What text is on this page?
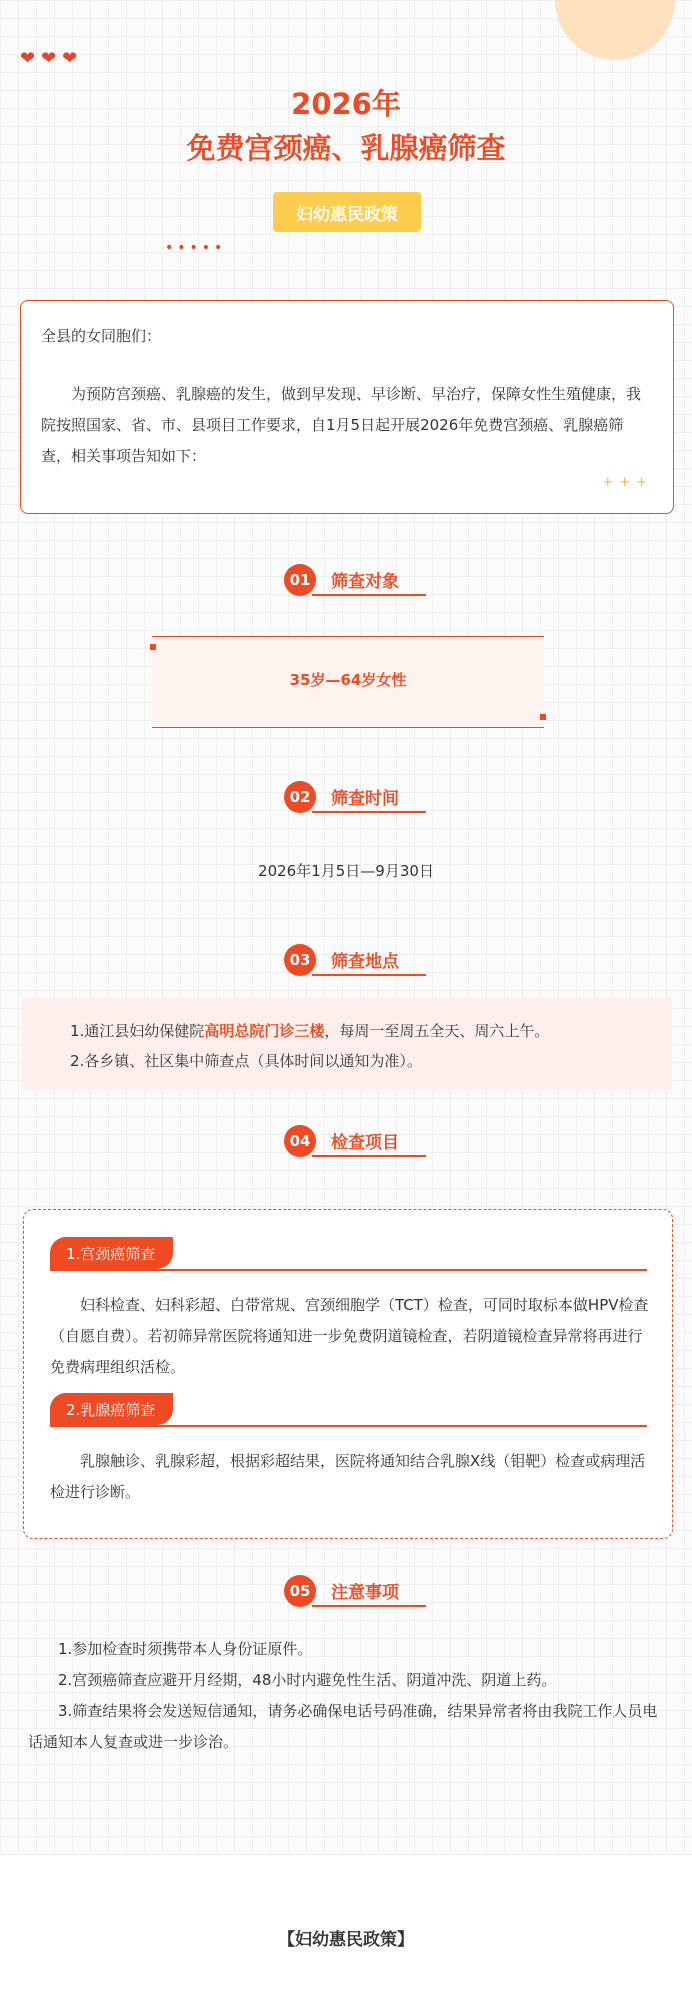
❤❤❤
2026年
免费宫颈癌、乳腺癌筛查
妇幼惠民政策
•••••
全县的女同胞们：
为预防宫颈癌、乳腺癌的发生，做到早发现、早诊断、早治疗，保障女性生殖健康，我院按照国家、省、市、县项目工作要求，自1月5日起开展2026年免费宫颈癌、乳腺癌筛查，相关事项告知如下：
+++
01	筛查对象
35岁—64岁女性
02	筛查时间
2026年1月5日—9月30日
03	筛查地点
1.通江县妇幼保健院高明总院门诊三楼，每周一至周五全天、周六上午。
2.各乡镇、社区集中筛查点（具体时间以通知为准）。
04	检查项目
1.宫颈癌筛查
妇科检查、妇科彩超、白带常规、宫颈细胞学（TCT）检查，可同时取标本做HPV检查（自愿自费）。若初筛异常医院将通知进一步免费阴道镜检查，若阴道镜检查异常将再进行免费病理组织活检。
2.乳腺癌筛查
乳腺触诊、乳腺彩超，根据彩超结果，医院将通知结合乳腺X线（钼靶）检查或病理活检进行诊断。
05	注意事项
1.参加检查时须携带本人身份证原件。
2.宫颈癌筛查应避开月经期，48小时内避免性生活、阴道冲洗、阴道上药。
3.筛查结果将会发送短信通知，请务必确保电话号码准确，结果异常者将由我院工作人员电话通知本人复查或进一步诊治。
【妇幼惠民政策】
